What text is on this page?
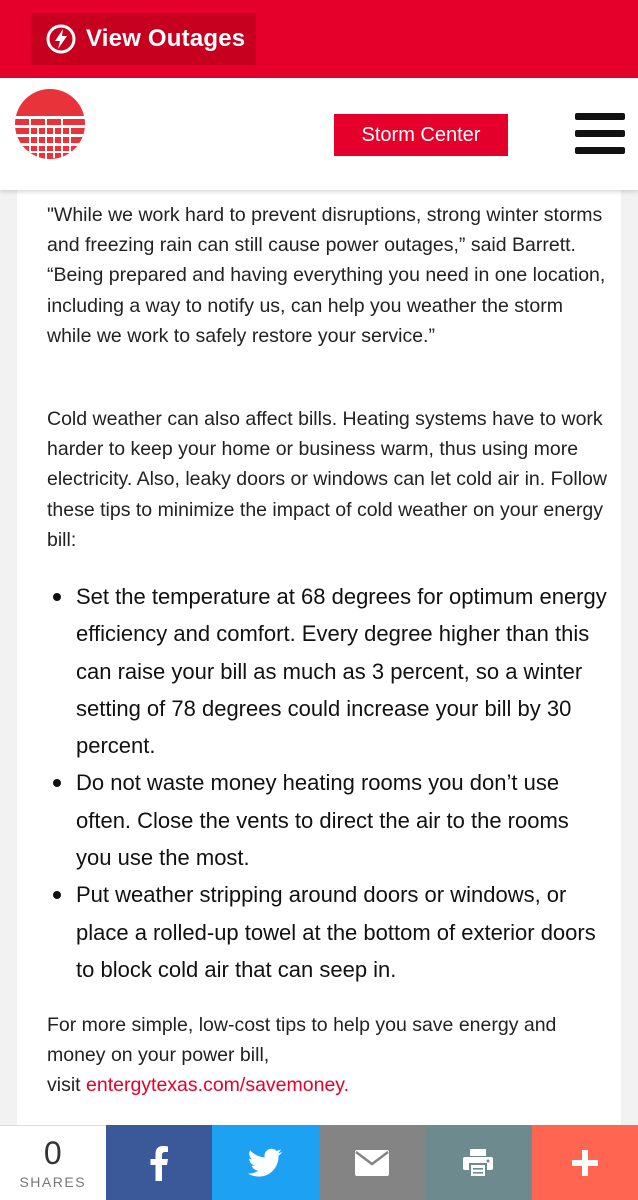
View Outages
Storm Center

"While we work hard to prevent disruptions, strong winter storms and freezing rain can still cause power outages,” said Barrett. “Being prepared and having everything you need in one location, including a way to notify us, can help you weather the storm while we work to safely restore your service.”

Cold weather can also affect bills. Heating systems have to work harder to keep your home or business warm, thus using more electricity. Also, leaky doors or windows can let cold air in. Follow these tips to minimize the impact of cold weather on your energy bill:

Set the temperature at 68 degrees for optimum energy efficiency and comfort. Every degree higher than this can raise your bill as much as 3 percent, so a winter setting of 78 degrees could increase your bill by 30 percent.
Do not waste money heating rooms you don’t use often. Close the vents to direct the air to the rooms you use the most.
Put weather stripping around doors or windows, or place a rolled-up towel at the bottom of exterior doors to block cold air that can seep in.

For more simple, low-cost tips to help you save energy and money on your power bill,
visit entergytexas.com/savemoney.

0
SHARES
